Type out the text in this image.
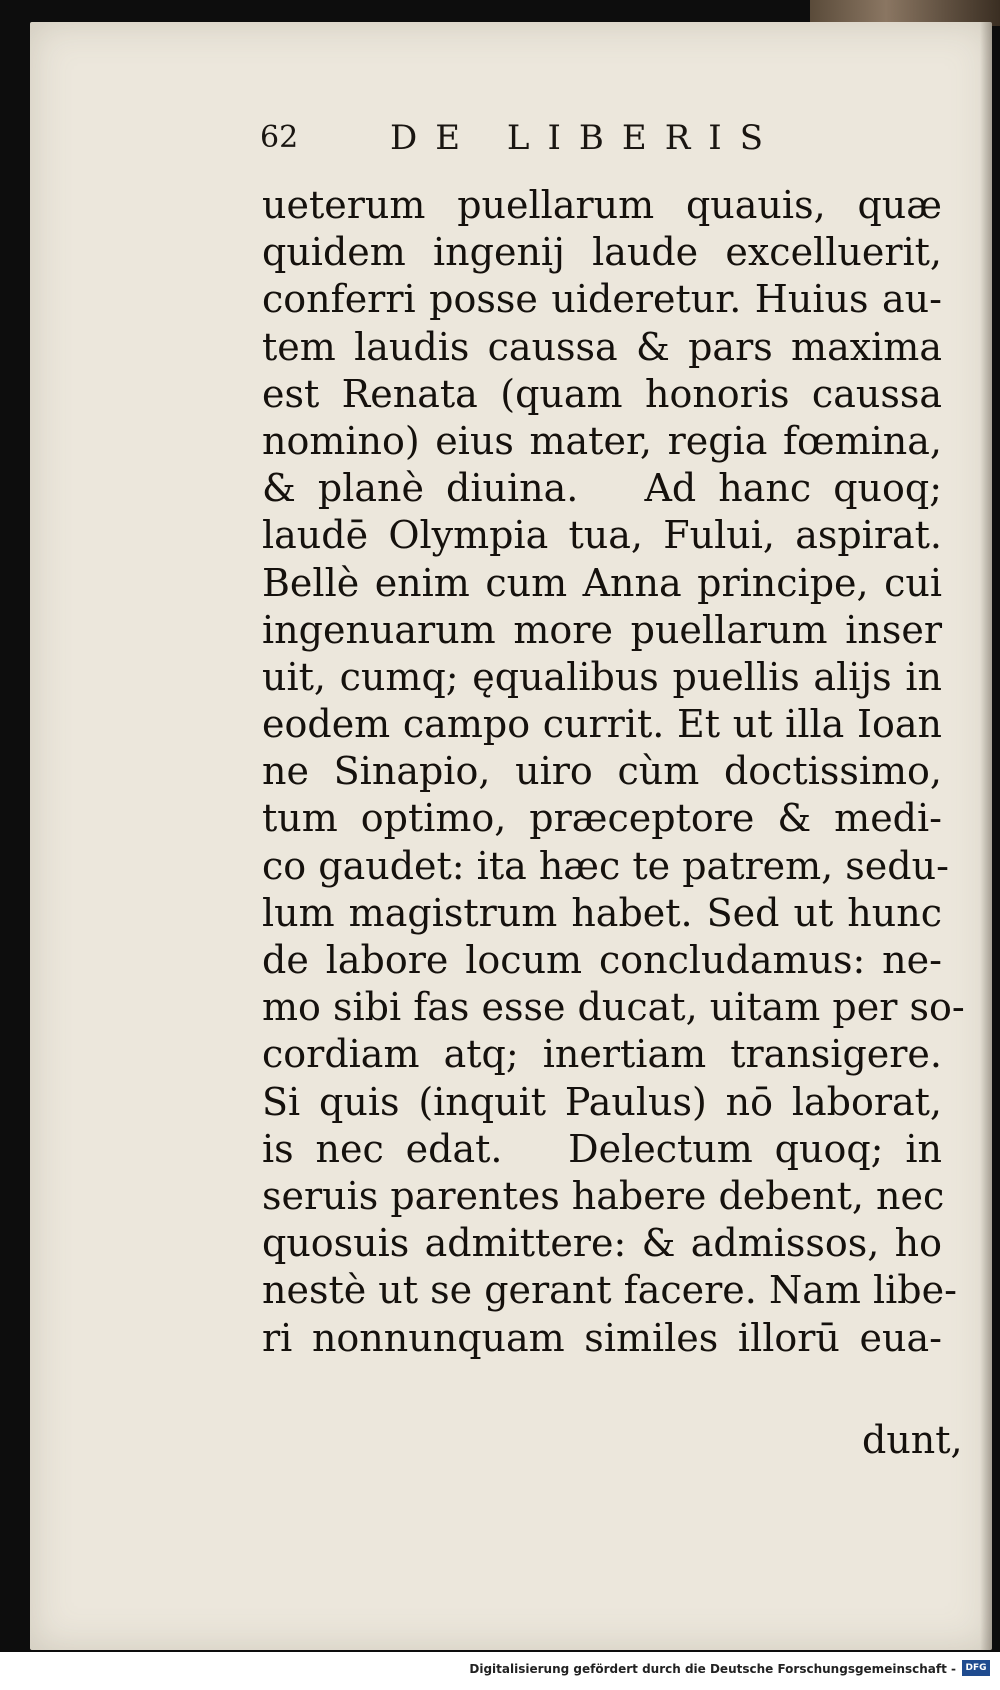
62	DE LIBERIS
ueterum puellarum quauis, quæ
quidem ingenij laude excelluerit,
conferri posse uideretur. Huius au-
tem laudis caussa & pars maxima
est Renata (quam honoris caussa
nomino) eius mater, regia fœmina,
& planè diuina.   Ad hanc quoq;
laudē Olympia tua, Fului, aspirat.
Bellè enim cum Anna principe, cui
ingenuarum more puellarum inser
uit, cumq; ęqualibus puellis alijs in
eodem campo currit. Et ut illa Ioan
ne Sinapio, uiro cùm doctissimo,
tum optimo, præceptore & medi-
co gaudet: ita hæc te patrem, sedu-
lum magistrum habet. Sed ut hunc
de labore locum concludamus: ne-
mo sibi fas esse ducat, uitam per so-
cordiam atq; inertiam transigere.
Si quis (inquit Paulus) nō laborat,
is nec edat.   Delectum quoq; in
seruis parentes habere debent, nec
quosuis admittere: & admissos, ho
nestè ut se gerant facere. Nam libe-
ri nonnunquam similes illorū eua-
dunt,
Digitalisierung gefördert durch die Deutsche Forschungsgemeinschaft -	DFG
